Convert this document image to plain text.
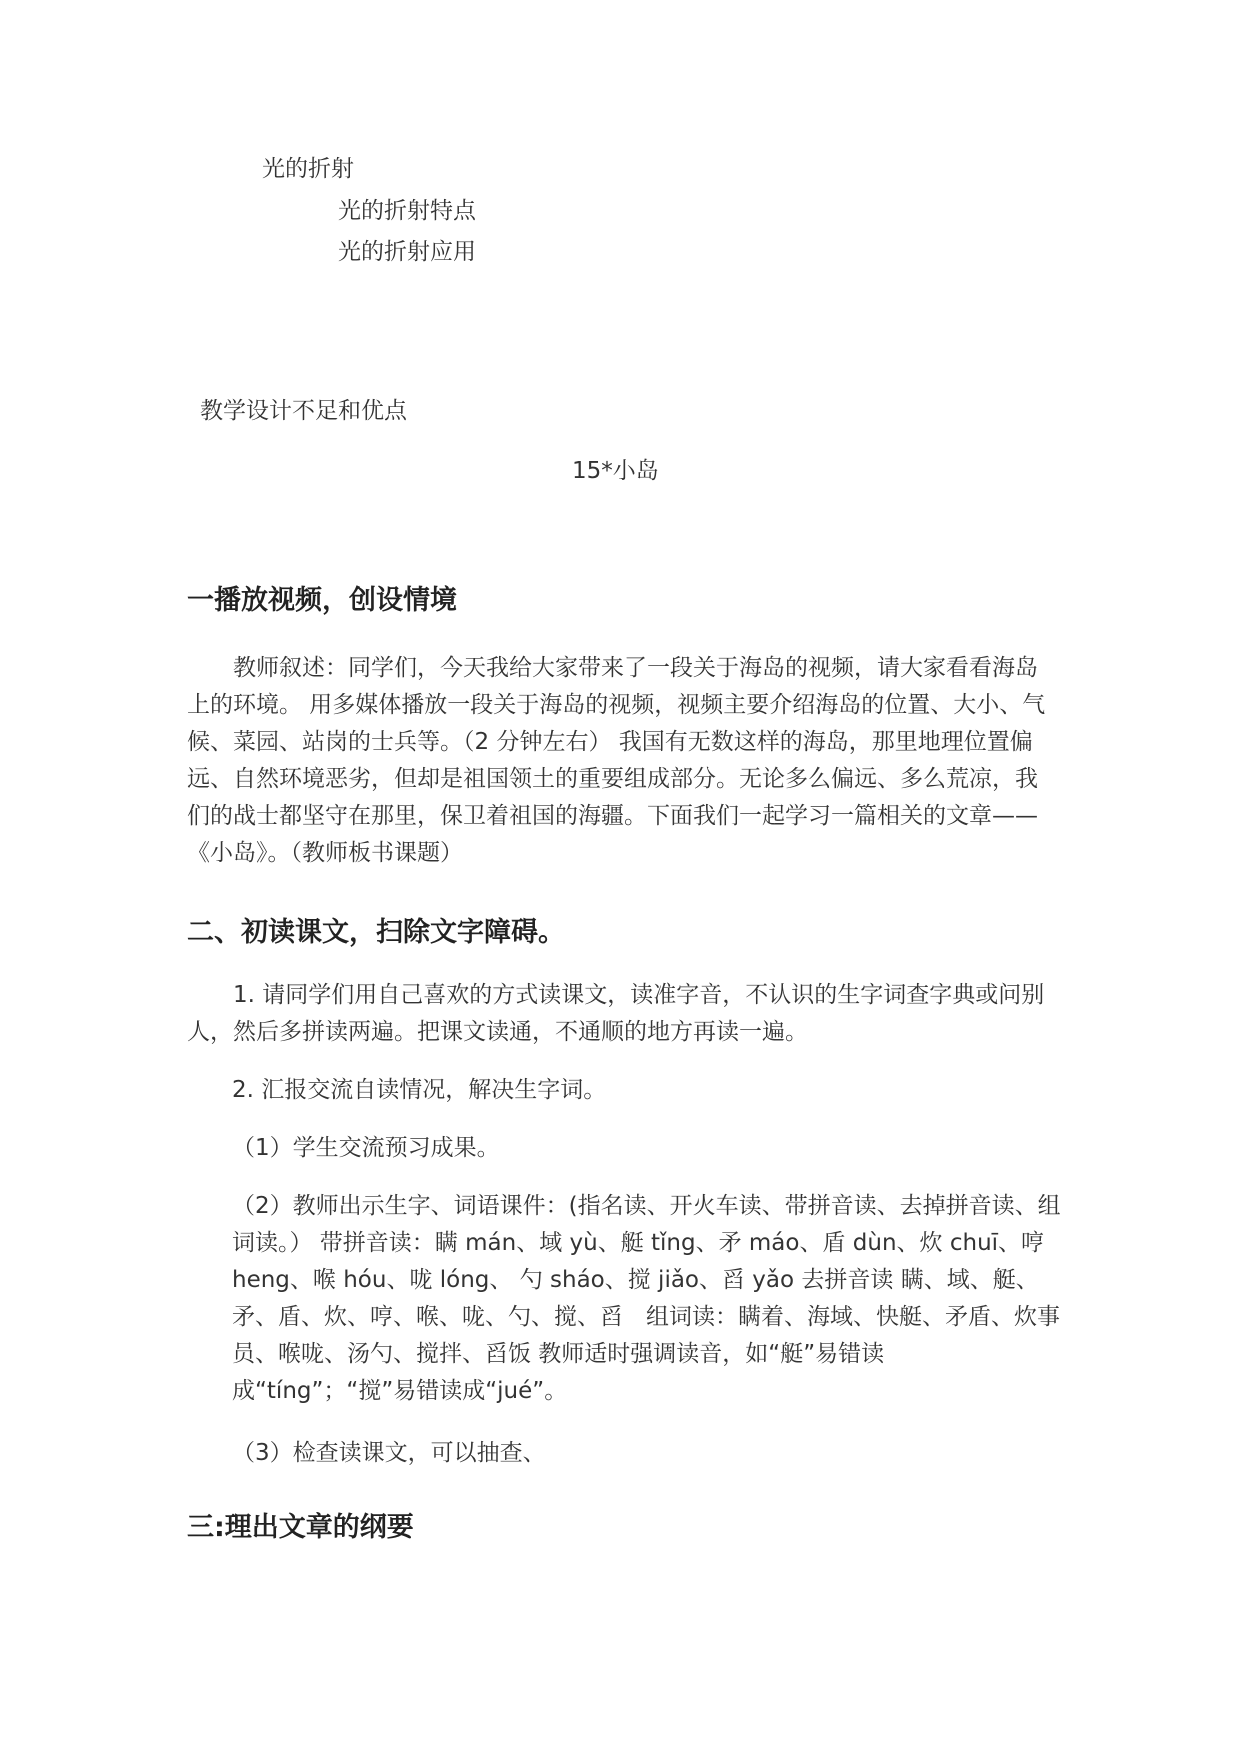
光的折射
光的折射特点
光的折射应用
教学设计不足和优点
15*小岛
一播放视频，创设情境
教师叙述：同学们，今天我给大家带来了一段关于海岛的视频，请大家看看海岛上的环境。 用多媒体播放一段关于海岛的视频，视频主要介绍海岛的位置、大小、气候、菜园、站岗的士兵等。（2 分钟左右） 我国有无数这样的海岛，那里地理位置偏远、自然环境恶劣，但却是祖国领土的重要组成部分。无论多么偏远、多么荒凉，我们的战士都坚守在那里，保卫着祖国的海疆。下面我们一起学习一篇相关的文章——《小岛》。（教师板书课题）
二、初读课文，扫除文字障碍。
1. 请同学们用自己喜欢的方式读课文，读准字音，不认识的生字词查字典或问别人，然后多拼读两遍。把课文读通，不通顺的地方再读一遍。
2. 汇报交流自读情况，解决生字词。
（1）学生交流预习成果。
（2）教师出示生字、词语课件：(指名读、开火车读、带拼音读、去掉拼音读、组词读。） 带拼音读：瞒 mán、域 yù、艇 tǐng、矛 máo、盾 dùn、炊 chuī、哼 heng、喉 hóu、咙 lóng、 勺 sháo、搅 jiǎo、舀 yǎo 去拼音读 瞒、域、艇、矛、盾、炊、哼、喉、咙、勺、搅、舀　组词读：瞒着、海域、快艇、矛盾、炊事员、喉咙、汤勺、搅拌、舀饭 教师适时强调读音，如“艇”易错读成“tíng”；“搅”易错读成“jué”。
（3）检查读课文，可以抽查、
三:理出文章的纲要
